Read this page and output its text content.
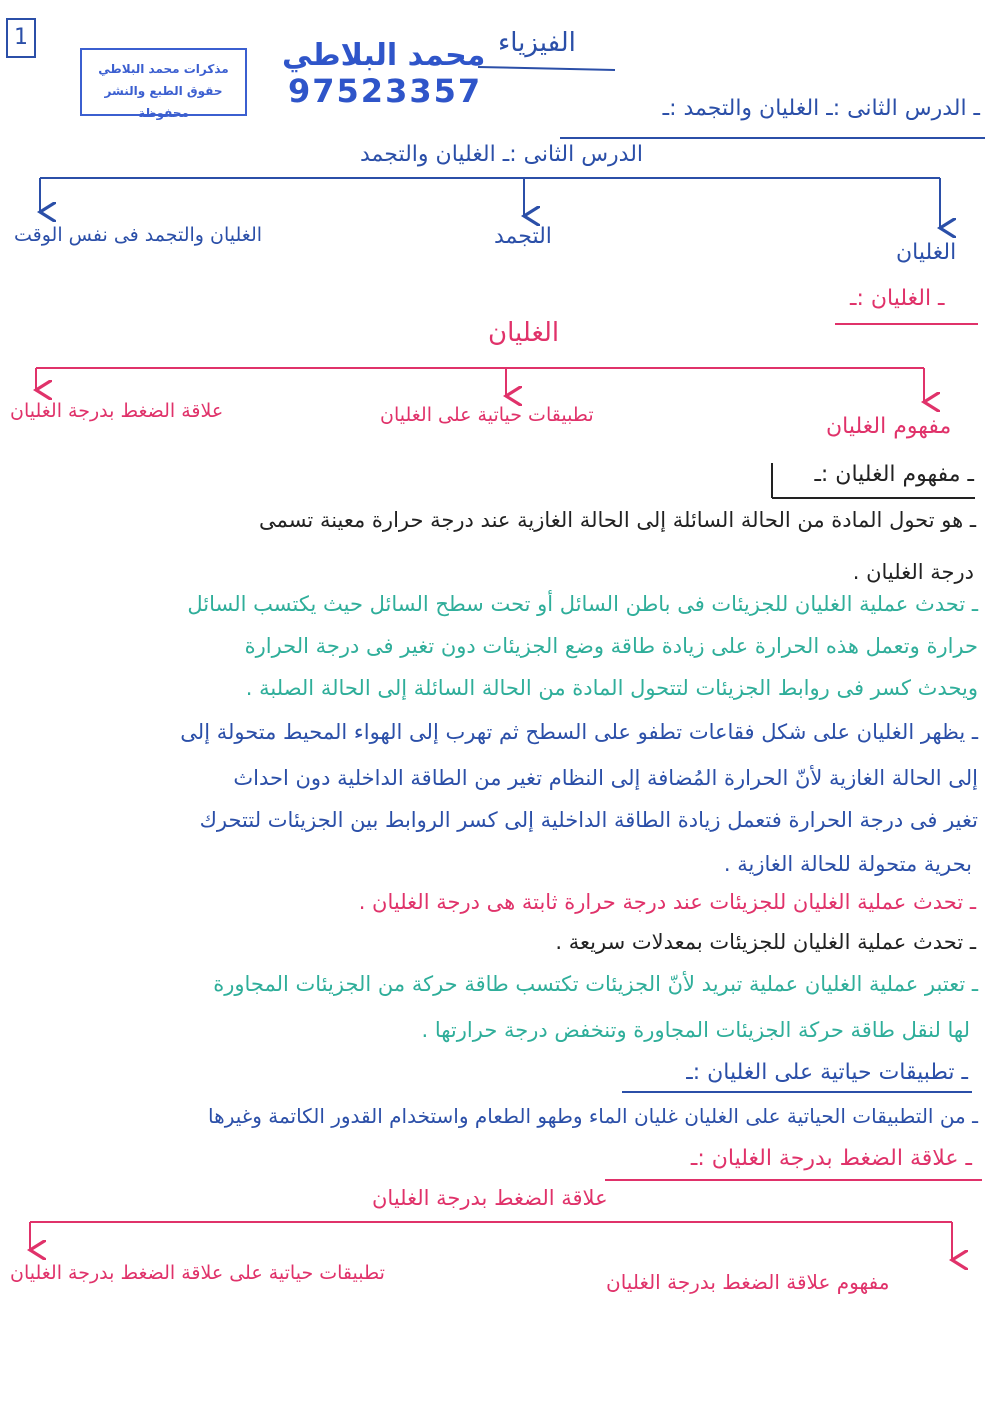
1
مذكرات محمد البلاطي
حقوق الطبع والنشر محفوظة
محمد البلاطي
97523357
الفيزياء
ـ الدرس الثانى :ـ الغليان والتجمد :ـ
الدرس الثانى :ـ الغليان والتجمد
الغليان والتجمد فى نفس الوقت	التجمد
الغليان
ـ الغليان :ـ
الغليان
علاقة الضغط بدرجة الغليان	تطبيقات حياتية على الغليان	مفهوم الغليان
ـ مفهوم الغليان :ـ
ـ هو تحول المادة من الحالة السائلة إلى الحالة الغازية عند درجة حرارة معينة تسمى
درجة الغليان .
ـ تحدث عملية الغليان للجزيئات فى باطن السائل أو تحت سطح السائل حيث يكتسب السائل
حرارة وتعمل هذه الحرارة على زيادة طاقة وضع الجزيئات دون تغير فى درجة الحرارة
ويحدث كسر فى روابط الجزيئات لتتحول المادة من الحالة السائلة إلى الحالة الصلبة .
ـ يظهر الغليان على شكل فقاعات تطفو على السطح ثم تهرب إلى الهواء المحيط متحولة إلى
إلى الحالة الغازية لأنّ الحرارة المُضافة إلى النظام تغير من الطاقة الداخلية دون احداث
تغير فى درجة الحرارة فتعمل زيادة الطاقة الداخلية إلى كسر الروابط بين الجزيئات لتتحرك
بحرية متحولة للحالة الغازية .
ـ تحدث عملية الغليان للجزيئات عند درجة حرارة ثابتة هى درجة الغليان .
ـ تحدث عملية الغليان للجزيئات بمعدلات سريعة .
ـ تعتبر عملية الغليان عملية تبريد لأنّ الجزيئات تكتسب طاقة حركة من الجزيئات المجاورة
لها لنقل طاقة حركة الجزيئات المجاورة وتنخفض درجة حرارتها .
ـ تطبيقات حياتية على الغليان :ـ
ـ من التطبيقات الحياتية على الغليان غليان الماء وطهو الطعام واستخدام القدور الكاتمة وغيرها
ـ علاقة الضغط بدرجة الغليان :ـ
علاقة الضغط بدرجة الغليان
تطبيقات حياتية على علاقة الضغط بدرجة الغليان	مفهوم علاقة الضغط بدرجة الغليان
